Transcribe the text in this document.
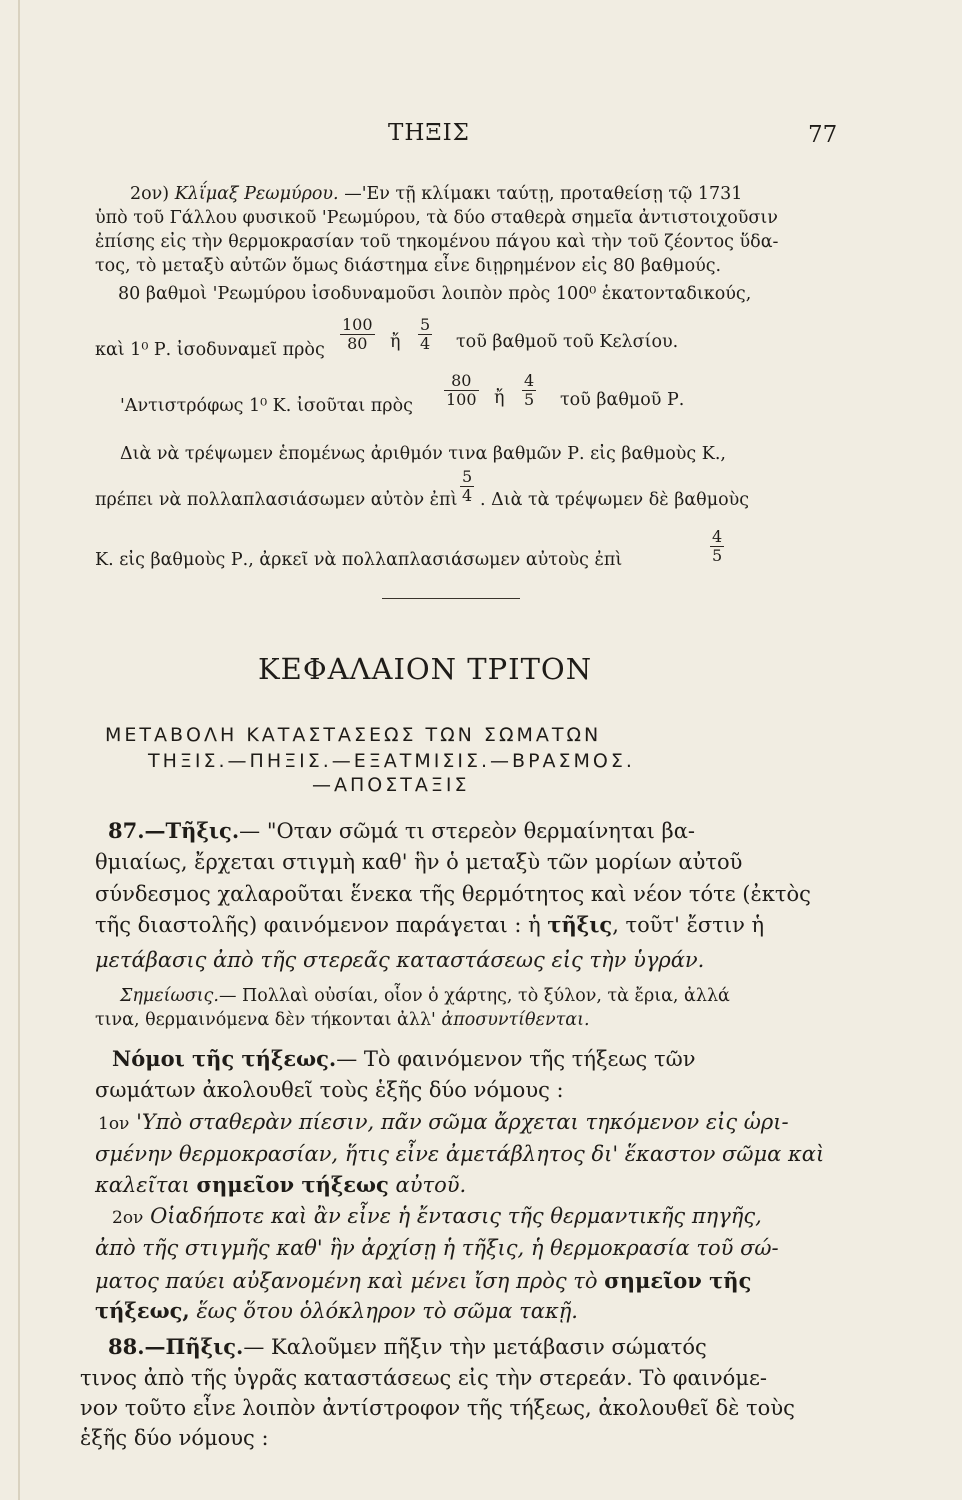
ΤΗΞΙΣ	77
2ον) Κλΐμαξ Ρεωμύρου. —'Εν τῇ κλίμακι ταύτῃ, προταθείσῃ τῷ 1731
ὑπὸ τοῦ Γάλλου φυσικοῦ 'Ρεωμύρου, τὰ δύο σταθερὰ σημεῖα ἀντιστοιχοῦσιν
ἐπίσης εἰς τὴν θερμοκρασίαν τοῦ τηκομένου πάγου καὶ τὴν τοῦ ζέοντος ὕδα-
τος, τὸ μεταξὺ αὐτῶν ὅμως διάστημα εἶνε διῃρημένον εἰς 80 βαθμούς.
80 βαθμοὶ 'Ρεωμύρου ἰσοδυναμοῦσι λοιπὸν πρὸς 100⁰ ἑκατονταδικούς,
καὶ 1⁰ Ρ. ἰσοδυναμεῖ πρὸς $\frac{100}{80}$ ἤ $\frac{5}{4}$ τοῦ βαθμοῦ τοῦ Κελσίου.
'Αντιστρόφως 1⁰ Κ. ἰσοῦται πρὸς $\frac{80}{100}$ ἤ $\frac{4}{5}$ τοῦ βαθμοῦ Ρ.
Διὰ νὰ τρέψωμεν ἑπομένως ἀριθμόν τινα βαθμῶν Ρ. εἰς βαθμοὺς Κ.,
πρέπει νὰ πολλαπλασιάσωμεν αὐτὸν ἐπὶ $\frac{5}{4}$ . Διὰ τὰ τρέψωμεν δὲ βαθμοὺς
Κ. εἰς βαθμοὺς Ρ., ἀρκεῖ νὰ πολλαπλασιάσωμεν αὐτοὺς ἐπὶ	$\frac{4}{5}$
ΚΕΦΑΛΑΙΟΝ ΤΡΙΤΟΝ
ΜΕΤΑΒΟΛΗ ΚΑΤΑΣΤΑΣΕΩΣ ΤΩΝ ΣΩΜΑΤΩΝ
ΤΗΞΙΣ.—ΠΗΞΙΣ.—ΕΞΑΤΜΙΣΙΣ.—ΒΡΑΣΜΟΣ.
—ΑΠΟΣΤΑΞΙΣ
87.—Τῆξις.— "Οταν σῶμά τι στερεὸν θερμαίνηται βα-
θμιαίως, ἔρχεται στιγμὴ καθ' ἣν ὁ μεταξὺ τῶν μορίων αὐτοῦ
σύνδεσμος χαλαροῦται ἕνεκα τῆς θερμότητος καὶ νέον τότε (ἐκτὸς
τῆς διαστολῆς) φαινόμενον παράγεται : ἡ τῆξις, τοῦτ' ἔστιν ἡ
μετάβασις ἀπὸ τῆς στερεᾶς καταστάσεως εἰς τὴν ὑγράν.
Σημείωσις.— Πολλαὶ οὐσίαι, οἷον ὁ χάρτης, τὸ ξύλον, τὰ ἔρια, ἀλλά
τινα, θερμαινόμενα δὲν τήκονται ἀλλ' ἀποσυντίθενται.
Νόμοι τῆς τήξεως.— Τὸ φαινόμενον τῆς τήξεως τῶν
σωμάτων ἀκολουθεῖ τοὺς ἑξῆς δύο νόμους :
1ον 'Υπὸ σταθερὰν πίεσιν, πᾶν σῶμα ἄρχεται τηκόμενον εἰς ὡρι-
σμένην θερμοκρασίαν, ἥτις εἶνε ἀμετάβλητος δι' ἕκαστον σῶμα καὶ
καλεῖται σημεῖον τήξεως αὐτοῦ.
2ον Οἱαδήποτε καὶ ἂν εἶνε ἡ ἔντασις τῆς θερμαντικῆς πηγῆς,
ἀπὸ τῆς στιγμῆς καθ' ἣν ἀρχίσῃ ἡ τῆξις, ἡ θερμοκρασία τοῦ σώ-
ματος παύει αὐξανομένη καὶ μένει ἴση πρὸς τὸ σημεῖον τῆς
τήξεως, ἕως ὅτου ὁλόκληρον τὸ σῶμα τακῇ.
88.—Πῆξις.— Καλοῦμεν πῆξιν τὴν μετάβασιν σώματός
τινος ἀπὸ τῆς ὑγρᾶς καταστάσεως εἰς τὴν στερεάν. Τὸ φαινόμε-
νον τοῦτο εἶνε λοιπὸν ἀντίστροφον τῆς τήξεως, ἀκολουθεῖ δὲ τοὺς
ἑξῆς δύο νόμους :
